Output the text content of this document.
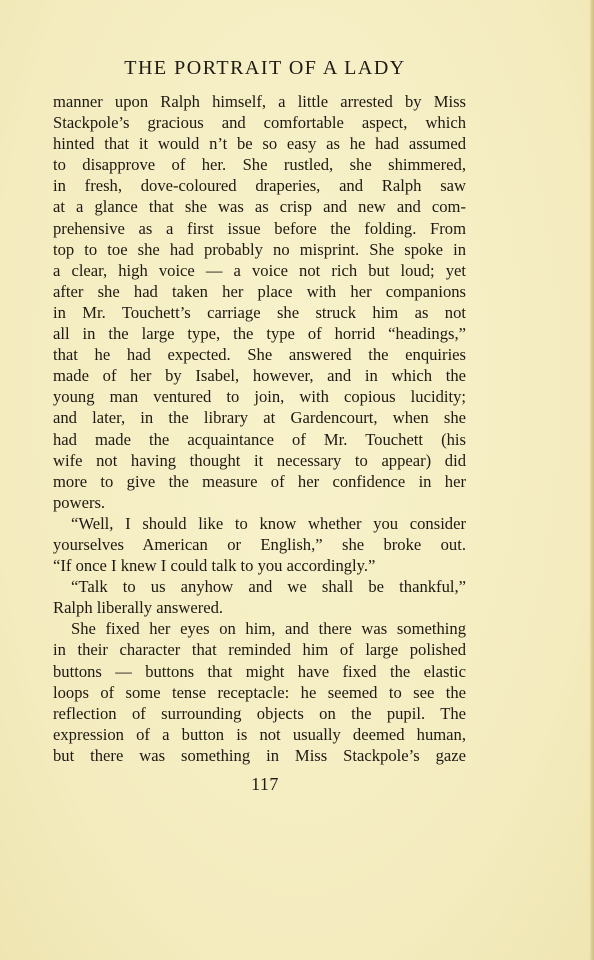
THE PORTRAIT OF A LADY
manner upon Ralph himself, a little arrested by Miss
Stackpole’s gracious and comfortable aspect, which
hinted that it would n’t be so easy as he had assumed
to disapprove of her. She rustled, she shimmered,
in fresh, dove-coloured draperies, and Ralph saw
at a glance that she was as crisp and new and com-
prehensive as a first issue before the folding. From
top to toe she had probably no misprint. She spoke in
a clear, high voice — a voice not rich but loud; yet
after she had taken her place with her companions
in Mr. Touchett’s carriage she struck him as not
all in the large type, the type of horrid “headings,”
that he had expected. She answered the enquiries
made of her by Isabel, however, and in which the
young man ventured to join, with copious lucidity;
and later, in the library at Gardencourt, when she
had made the acquaintance of Mr. Touchett (his
wife not having thought it necessary to appear) did
more to give the measure of her confidence in her
powers.
“Well, I should like to know whether you consider
yourselves American or English,” she broke out.
“If once I knew I could talk to you accordingly.”
“Talk to us anyhow and we shall be thankful,”
Ralph liberally answered.
She fixed her eyes on him, and there was something
in their character that reminded him of large polished
buttons — buttons that might have fixed the elastic
loops of some tense receptacle: he seemed to see the
reflection of surrounding objects on the pupil. The
expression of a button is not usually deemed human,
but there was something in Miss Stackpole’s gaze
117
